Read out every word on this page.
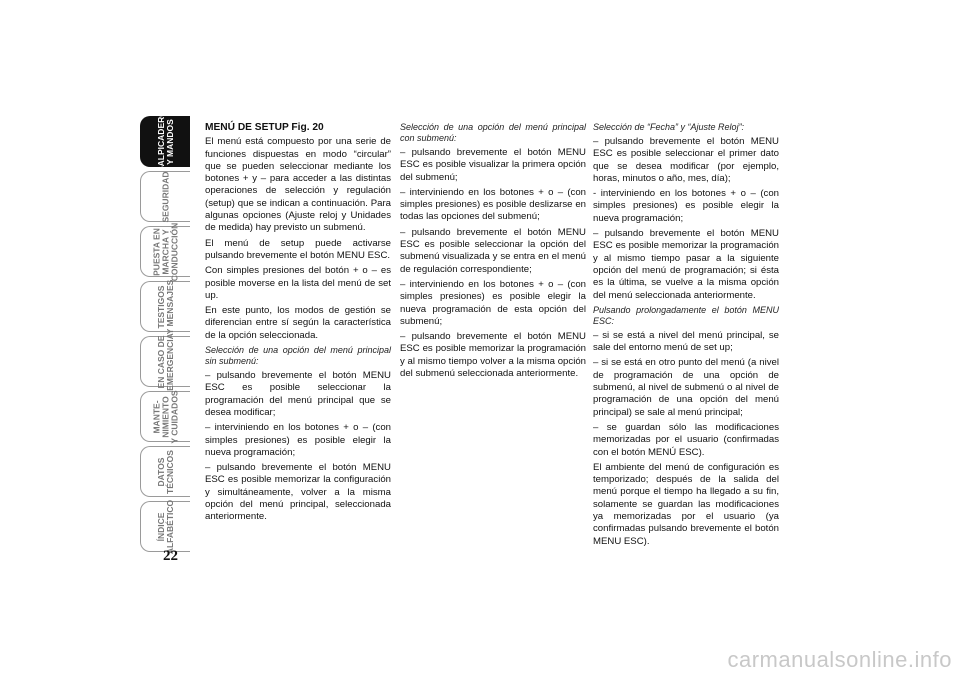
SALPICADERO
Y MANDOS
SEGURIDAD
PUESTA EN
MARCHA Y
CONDUCCIÓN
TESTIGOS
Y MENSAJES
EN CASO DE
EMERGENCIA
MANTE-
NIMIENTO
Y CUIDADOS
DATOS
TÉCNICOS
ÍNDICE
ALFABÉTICO
22

MENÚ DE SETUP Fig. 20

El menú está compuesto por una serie de funciones dispuestas en modo “circular” que se pueden seleccionar mediante los botones + y – para acceder a las distintas operaciones de selección y regulación (setup) que se indican a continuación. Para algunas opciones (Ajuste reloj y Unidades de medida) hay previsto un submenú.

El menú de setup puede activarse pulsando brevemente el botón MENU ESC.

Con simples presiones del botón + o – es posible moverse en la lista del menú de set up.

En este punto, los modos de gestión se diferencian entre sí según la característica de la opción seleccionada.

Selección de una opción del menú principal sin submenú:

– pulsando brevemente el botón MENU ESC es posible seleccionar la programación del menú principal que se desea modificar;

– interviniendo en los botones + o – (con simples presiones) es posible elegir la nueva programación;

– pulsando brevemente el botón MENU ESC es posible memorizar la configuración y simultáneamente, volver a la misma opción del menú principal, seleccionada anteriormente.

Selección de una opción del menú principal con submenú:

– pulsando brevemente el botón MENU ESC es posible visualizar la primera opción del submenú;

– interviniendo en los botones + o – (con simples presiones) es posible deslizarse en todas las opciones del submenú;

– pulsando brevemente el botón MENU ESC es posible seleccionar la opción del submenú visualizada y se entra en el menú de regulación correspondiente;

– interviniendo en los botones + o – (con simples presiones) es posible elegir la nueva programación de esta opción del submenú;

– pulsando brevemente el botón MENU ESC es posible memorizar la programación y al mismo tiempo volver a la misma opción del submenú seleccionada anteriormente.

Selección de “Fecha” y “Ajuste Reloj”:

– pulsando brevemente el botón MENU ESC es posible seleccionar el primer dato que se desea modificar (por ejemplo, horas, minutos o año, mes, día);

- interviniendo en los botones + o – (con simples presiones) es posible elegir la nueva programación;

– pulsando brevemente el botón MENU ESC es posible memorizar la programación y al mismo tiempo pasar a la siguiente opción del menú de programación; si ésta es la última, se vuelve a la misma opción del menú seleccionada anteriormente.

Pulsando prolongadamente el botón MENU ESC:

– si se está a nivel del menú principal, se sale del entorno menú de set up;

– si se está en otro punto del menú (a nivel de programación de una opción de submenú, al nivel de submenú o al nivel de programación de una opción del menú principal) se sale al menú principal;

– se guardan sólo las modificaciones memorizadas por el usuario (confirmadas con el botón MENÚ ESC).

El ambiente del menú de configuración es temporizado; después de la salida del menú porque el tiempo ha llegado a su fin, solamente se guardan las modificaciones ya memorizadas por el usuario (ya confirmadas pulsando brevemente el botón MENU ESC).

carmanualsonline.info
